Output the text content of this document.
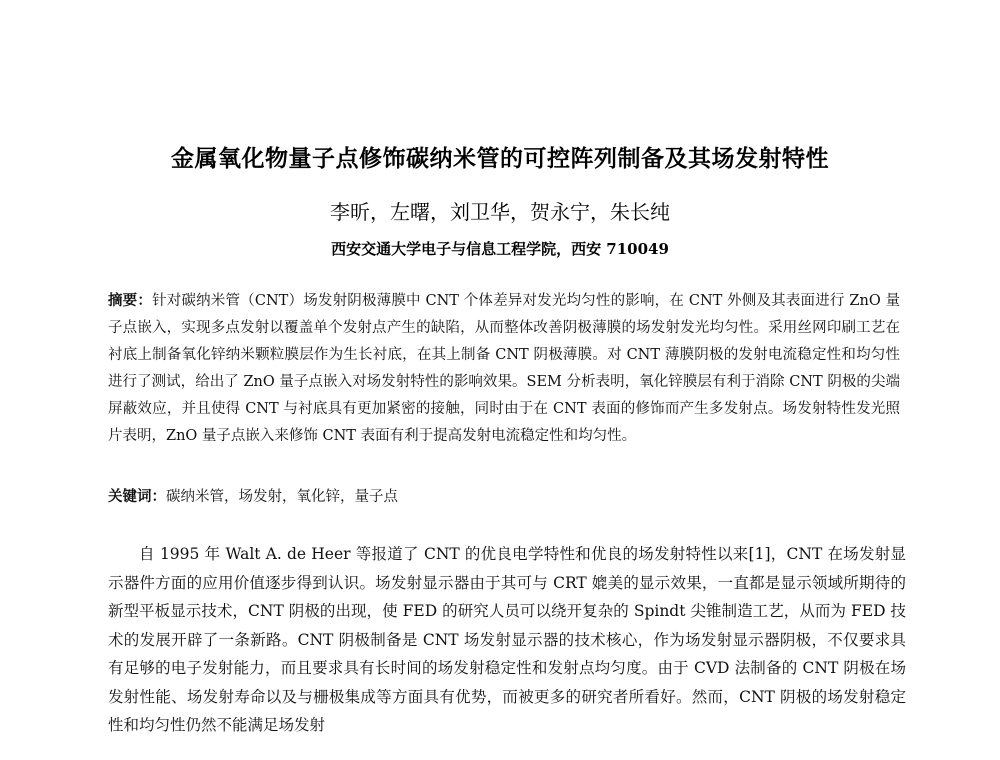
金属氧化物量子点修饰碳纳米管的可控阵列制备及其场发射特性
李昕，左曙，刘卫华，贺永宁，朱长纯
西安交通大学电子与信息工程学院，西安 710049
摘要：针对碳纳米管（CNT）场发射阴极薄膜中 CNT 个体差异对发光均匀性的影响，在 CNT 外侧及其表面进行 ZnO 量子点嵌入，实现多点发射以覆盖单个发射点产生的缺陷，从而整体改善阴极薄膜的场发射发光均匀性。采用丝网印刷工艺在衬底上制备氧化锌纳米颗粒膜层作为生长衬底，在其上制备 CNT 阴极薄膜。对 CNT 薄膜阴极的发射电流稳定性和均匀性进行了测试，给出了 ZnO 量子点嵌入对场发射特性的影响效果。SEM 分析表明，氧化锌膜层有利于消除 CNT 阴极的尖端屏蔽效应，并且使得 CNT 与衬底具有更加紧密的接触，同时由于在 CNT 表面的修饰而产生多发射点。场发射特性发光照片表明，ZnO 量子点嵌入来修饰 CNT 表面有利于提高发射电流稳定性和均匀性。
关键词：碳纳米管，场发射，氧化锌，量子点
自 1995 年 Walt A. de Heer 等报道了 CNT 的优良电学特性和优良的场发射特性以来[1]，CNT 在场发射显示器件方面的应用价值逐步得到认识。场发射显示器由于其可与 CRT 媲美的显示效果，一直都是显示领域所期待的新型平板显示技术，CNT 阴极的出现，使 FED 的研究人员可以绕开复杂的 Spindt 尖锥制造工艺，从而为 FED 技术的发展开辟了一条新路。CNT 阴极制备是 CNT 场发射显示器的技术核心，作为场发射显示器阴极，不仅要求具有足够的电子发射能力，而且要求具有长时间的场发射稳定性和发射点均匀度。由于 CVD 法制备的 CNT 阴极在场发射性能、场发射寿命以及与栅极集成等方面具有优势，而被更多的研究者所看好。然而，CNT 阴极的场发射稳定性和均匀性仍然不能满足场发射
